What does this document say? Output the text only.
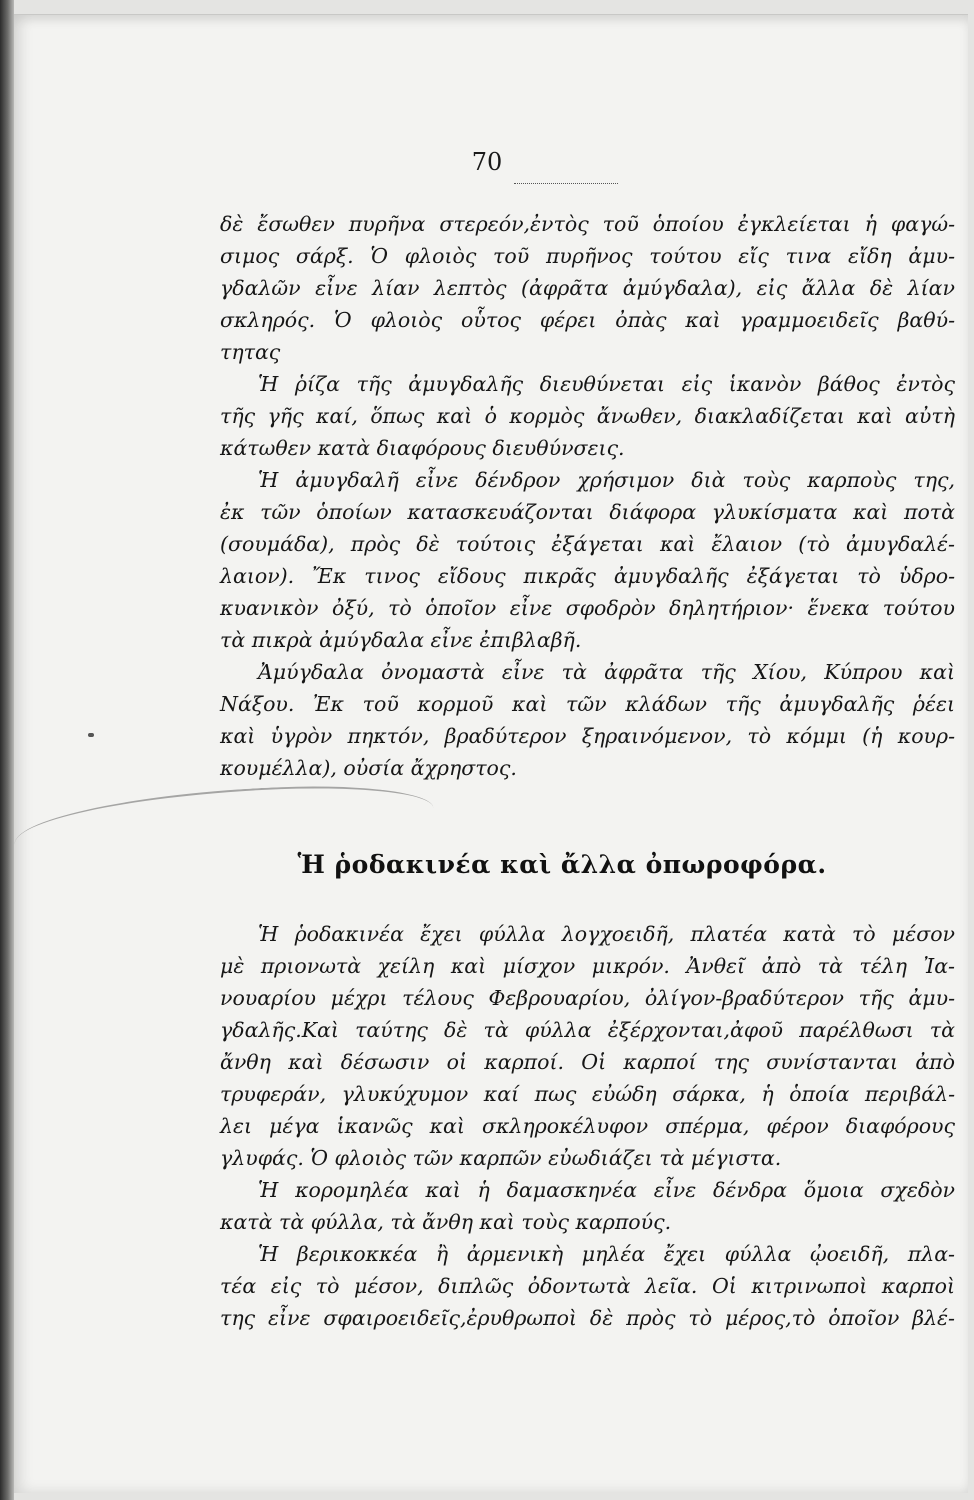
70
δὲ ἔσωθεν πυρῆνα στερεόν,ἐντὸς τοῦ ὁποίου ἐγκλείεται ἡ φαγώ-
σιμος σάρξ. Ὁ φλοιὸς τοῦ πυρῆνος τούτου εἴς τινα εἴδη ἀμυ-
γδαλῶν εἶνε λίαν λεπτὸς (ἀφρᾶτα ἀμύγδαλα), εἰς ἄλλα δὲ λίαν
σκληρός. Ὁ φλοιὸς οὗτος φέρει ὀπὰς καὶ γραμμοειδεῖς βαθύ-
τητας
Ἡ ῥίζα τῆς ἀμυγδαλῆς διευθύνεται εἰς ἱκανὸν βάθος ἐντὸς
τῆς γῆς καί, ὅπως καὶ ὁ κορμὸς ἄνωθεν, διακλαδίζεται καὶ αὐτὴ
κάτωθεν κατὰ διαφόρους διευθύνσεις.
Ἡ ἀμυγδαλῆ εἶνε δένδρον χρήσιμον διὰ τοὺς καρποὺς της,
ἐκ τῶν ὁποίων κατασκευάζονται διάφορα γλυκίσματα καὶ ποτὰ
(σουμάδα), πρὸς δὲ τούτοις ἐξάγεται καὶ ἔλαιον (τὸ ἀμυγδαλέ-
λαιον). Ἔκ τινος εἴδους πικρᾶς ἀμυγδαλῆς ἐξάγεται τὸ ὑδρο-
κυανικὸν ὀξύ, τὸ ὁποῖον εἶνε σφοδρὸν δηλητήριον· ἕνεκα τούτου
τὰ πικρὰ ἀμύγδαλα εἶνε ἐπιβλαβῆ.
Ἀμύγδαλα ὀνομαστὰ εἶνε τὰ ἀφρᾶτα τῆς Χίου, Κύπρου καὶ
Νάξου. Ἐκ τοῦ κορμοῦ καὶ τῶν κλάδων τῆς ἀμυγδαλῆς ῥέει
καὶ ὑγρὸν πηκτόν, βραδύτερον ξηραινόμενον, τὸ κόμμι (ἡ κουρ-
κουμέλλα), οὐσία ἄχρηστος.
Ἡ ῥοδακινέα καὶ ἄλλα ὀπωροφόρα.
Ἡ ῥοδακινέα ἔχει φύλλα λογχοειδῆ, πλατέα κατὰ τὸ μέσον
μὲ πριονωτὰ χείλη καὶ μίσχον μικρόν. Ἀνθεῖ ἀπὸ τὰ τέλη Ἰα-
νουαρίου μέχρι τέλους Φεβρουαρίου, ὀλίγον-βραδύτερον τῆς ἀμυ-
γδαλῆς.Καὶ ταύτης δὲ τὰ φύλλα ἐξέρχονται,ἀφοῦ παρέλθωσι τὰ
ἄνθη καὶ δέσωσιν οἱ καρποί. Οἱ καρποί της συνίστανται ἀπὸ
τρυφεράν, γλυκύχυμον καί πως εὐώδη σάρκα, ἡ ὁποία περιβάλ-
λει μέγα ἱκανῶς καὶ σκληροκέλυφον σπέρμα, φέρον διαφόρους
γλυφάς. Ὁ φλοιὸς τῶν καρπῶν εὐωδιάζει τὰ μέγιστα.
Ἡ κορομηλέα καὶ ἡ δαμασκηνέα εἶνε δένδρα ὅμοια σχεδὸν
κατὰ τὰ φύλλα, τὰ ἄνθη καὶ τοὺς καρπούς.
Ἡ βερικοκκέα ἢ ἀρμενικὴ μηλέα ἔχει φύλλα ᾠοειδῆ, πλα-
τέα εἰς τὸ μέσον, διπλῶς ὀδοντωτὰ λεῖα. Οἱ κιτρινωποὶ καρποὶ
της εἶνε σφαιροειδεῖς,ἐρυθρωποὶ δὲ πρὸς τὸ μέρος,τὸ ὁποῖον βλέ-
